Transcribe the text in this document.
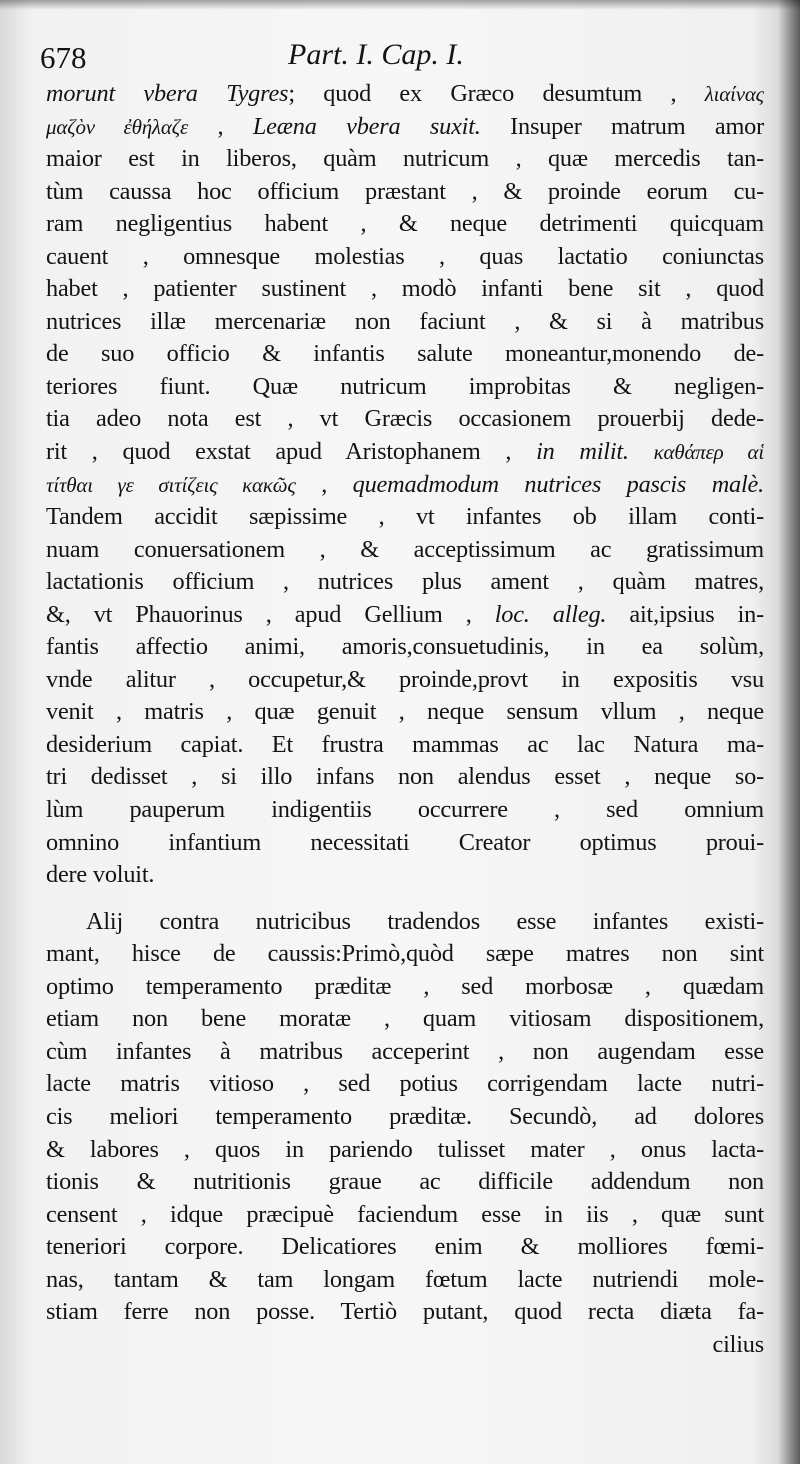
678	Part. I. Cap. I.
morunt vbera Tygres; quod ex Græco desumtum , λιαίνας
μαζὸν ἐθήλαζε , Leæna vbera suxit. Insuper matrum amor
maior est in liberos, quàm nutricum , quæ mercedis tan-
tùm caussa hoc officium præstant , & proinde eorum cu-
ram negligentius habent , & neque detrimenti quicquam
cauent , omnesque molestias , quas lactatio coniunctas
habet , patienter sustinent , modò infanti bene sit , quod
nutrices illæ mercenariæ non faciunt , & si à matribus
de suo officio & infantis salute moneantur,monendo de-
teriores fiunt. Quæ nutricum improbitas & negligen-
tia adeo nota est , vt Græcis occasionem prouerbij dede-
rit , quod exstat apud Aristophanem , in milit. καθάπερ αἱ
τίτθαι γε σιτίζεις κακῶς , quemadmodum nutrices pascis malè.
Tandem accidit sæpissime , vt infantes ob illam conti-
nuam conuersationem , & acceptissimum ac gratissimum
lactationis officium , nutrices plus ament , quàm matres,
&, vt Phauorinus , apud Gellium , loc. alleg. ait,ipsius in-
fantis affectio animi, amoris,consuetudinis, in ea solùm,
vnde alitur , occupetur,& proinde,provt in expositis vsu
venit , matris , quæ genuit , neque sensum vllum , neque
desiderium capiat. Et frustra mammas ac lac Natura ma-
tri dedisset , si illo infans non alendus esset , neque so-
lùm pauperum indigentiis occurrere , sed omnium
omnino infantium necessitati Creator optimus proui-
dere voluit.
Alij contra nutricibus tradendos esse infantes existi-
mant, hisce de caussis:Primò,quòd sæpe matres non sint
optimo temperamento præditæ , sed morbosæ , quædam
etiam non bene moratæ , quam vitiosam dispositionem,
cùm infantes à matribus acceperint , non augendam esse
lacte matris vitioso , sed potius corrigendam lacte nutri-
cis meliori temperamento præditæ. Secundò, ad dolores
& labores , quos in pariendo tulisset mater , onus lacta-
tionis & nutritionis graue ac difficile addendum non
censent , idque præcipuè faciendum esse in iis , quæ sunt
teneriori corpore. Delicatiores enim & molliores fœmi-
nas, tantam & tam longam fœtum lacte nutriendi mole-
stiam ferre non posse. Tertiò putant, quod recta diæta fa-
cilius
